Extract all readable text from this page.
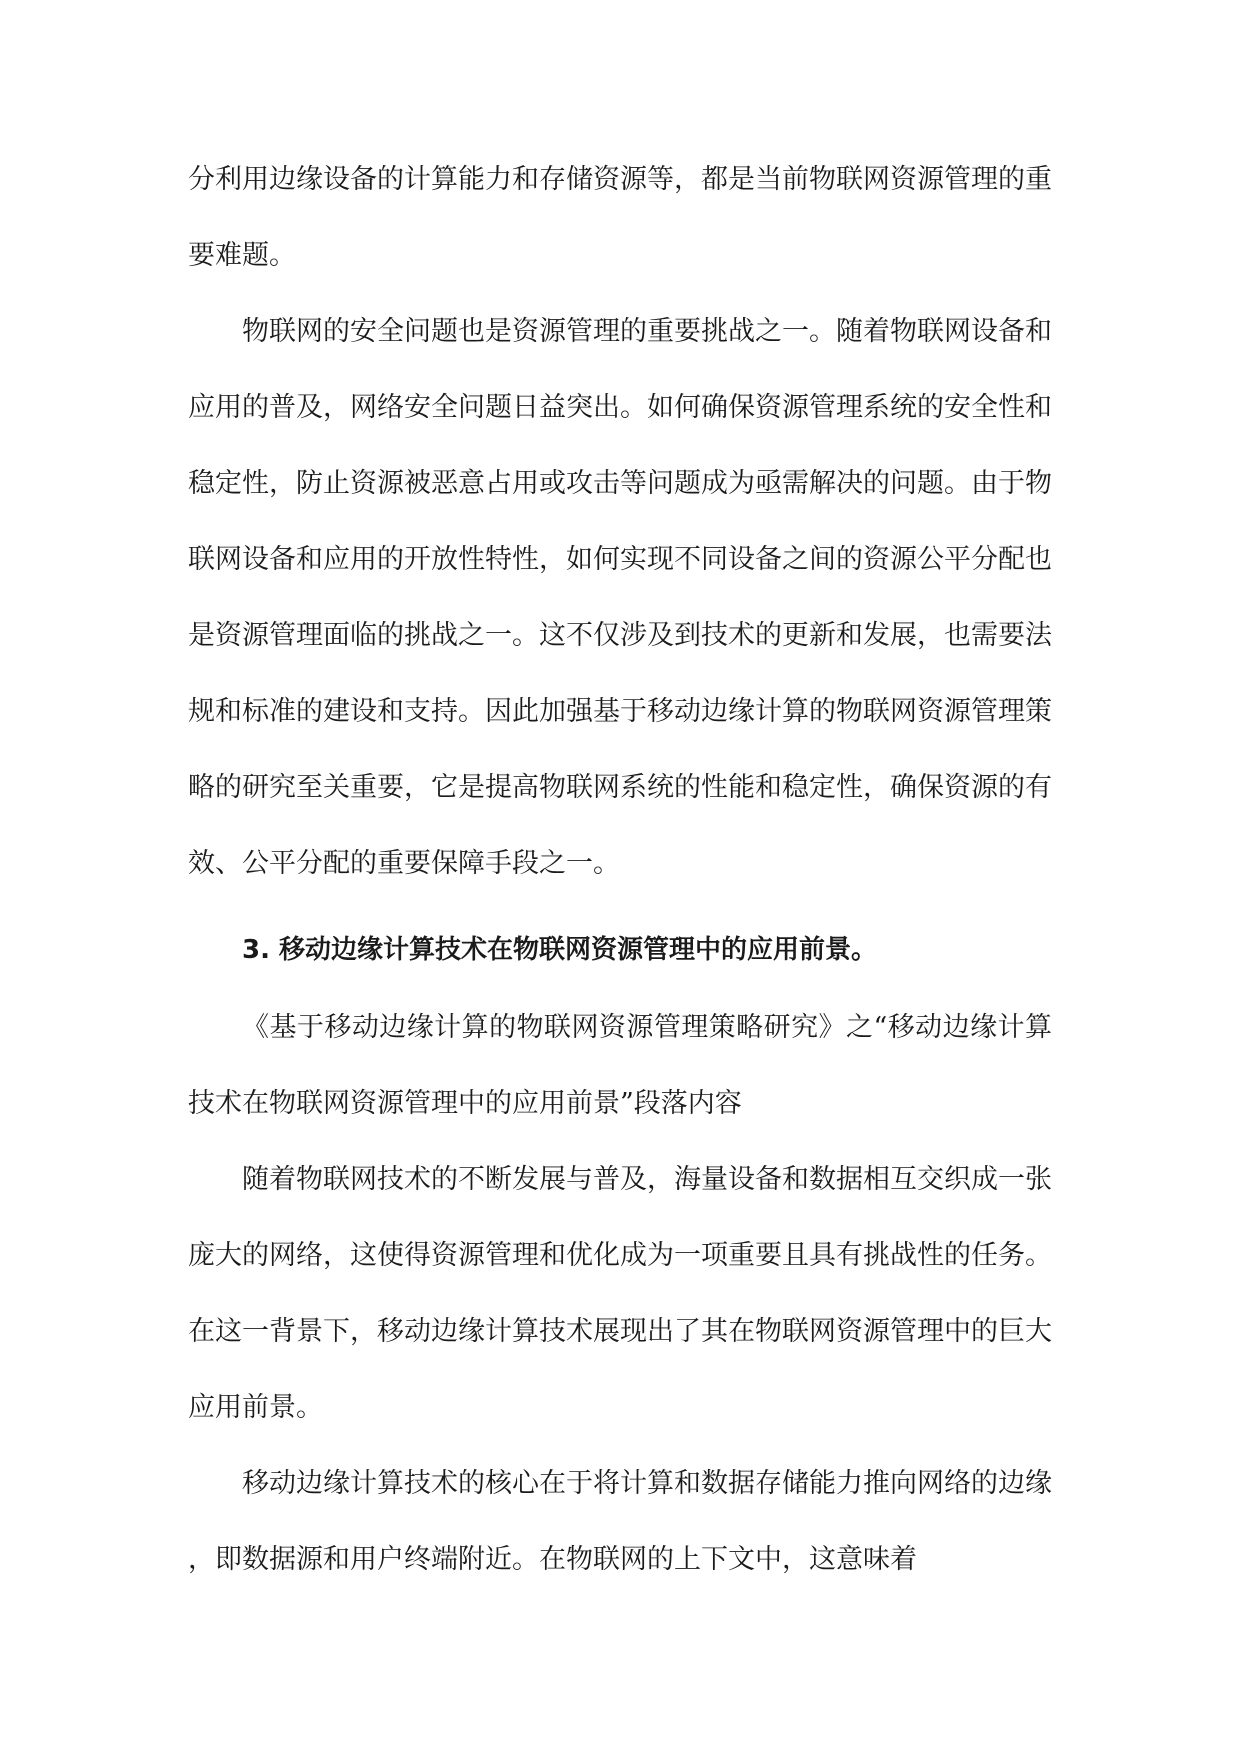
分利用边缘设备的计算能力和存储资源等，都是当前物联网资源管理的重要难题。

物联网的安全问题也是资源管理的重要挑战之一。随着物联网设备和应用的普及，网络安全问题日益突出。如何确保资源管理系统的安全性和稳定性，防止资源被恶意占用或攻击等问题成为亟需解决的问题。由于物联网设备和应用的开放性特性，如何实现不同设备之间的资源公平分配也是资源管理面临的挑战之一。这不仅涉及到技术的更新和发展，也需要法规和标准的建设和支持。因此加强基于移动边缘计算的物联网资源管理策略的研究至关重要，它是提高物联网系统的性能和稳定性，确保资源的有效、公平分配的重要保障手段之一。

3. 移动边缘计算技术在物联网资源管理中的应用前景。

《基于移动边缘计算的物联网资源管理策略研究》之“移动边缘计算技术在物联网资源管理中的应用前景”段落内容

随着物联网技术的不断发展与普及，海量设备和数据相互交织成一张庞大的网络，这使得资源管理和优化成为一项重要且具有挑战性的任务。在这一背景下，移动边缘计算技术展现出了其在物联网资源管理中的巨大应用前景。

移动边缘计算技术的核心在于将计算和数据存储能力推向网络的边缘，即数据源和用户终端附近。在物联网的上下文中，这意味着
